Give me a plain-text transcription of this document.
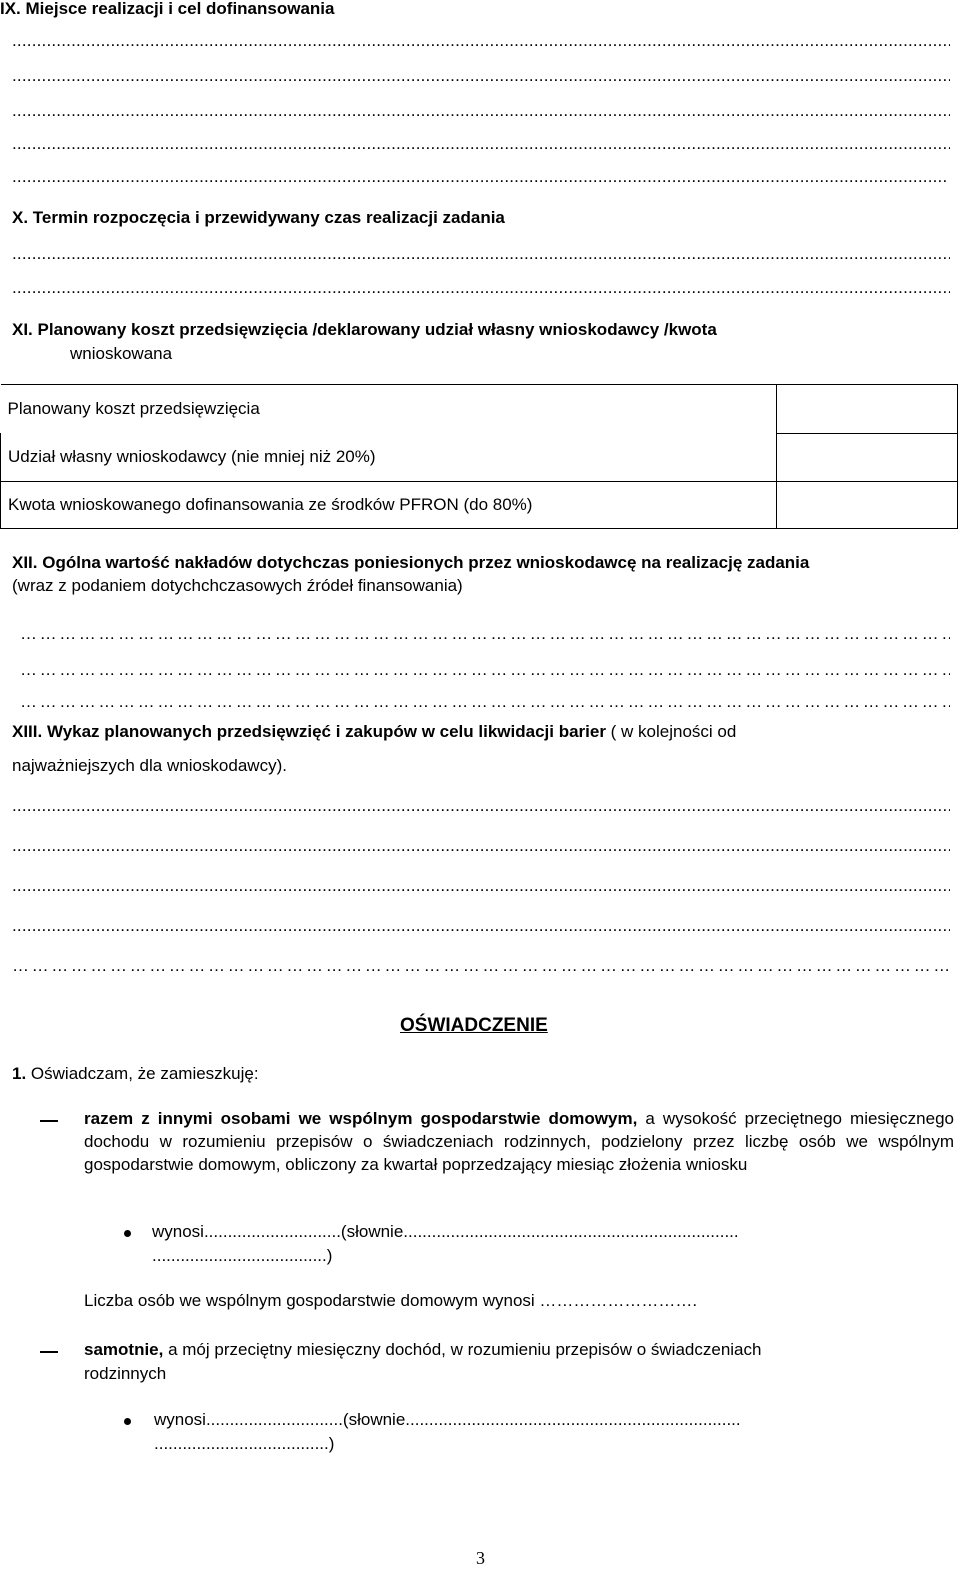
IX. Miejsce realizacji i cel dofinansowania
.....
.....
.....
.....
.....
X. Termin rozpoczęcia i przewidywany czas realizacji zadania
.....
.....
XI. Planowany koszt przedsięwzięcia /deklarowany udział własny wnioskodawcy /kwota
wnioskowana
Planowany koszt przedsięwzięcia	
Udział własny wnioskodawcy (nie mniej niż 20%)	
Kwota wnioskowanego dofinansowania ze środków PFRON (do 80%)	
XII. Ogólna wartość nakładów dotychczas poniesionych przez wnioskodawcę na realizację zadania
(wraz z podaniem dotychchczasowych źródeł finansowania)
………………………………………………………………………………………………………………………………
………………………………………………………………………………………………………………………………
………………………………………………………………………………………………………………………………
XIII. Wykaz planowanych przedsięwzięć i zakupów w celu likwidacji barier ( w kolejności od
najważniejszych dla wnioskodawcy).
.....
.....
.....
.....
………………………………………………………………………………………………………………………………
OŚWIADCZENIE
1. Oświadczam, że zamieszkuję:
razem z innymi osobami we wspólnym gospodarstwie domowym, a wysokość przeciętnego miesięcznego dochodu w rozumieniu przepisów o świadczeniach rodzinnych, podzielony przez liczbę osób we wspólnym gospodarstwie domowym, obliczony za kwartał poprzedzający miesiąc złożenia wniosku
wynosi.............................(słownie.......................................................................
.....................................)
Liczba osób we wspólnym gospodarstwie domowym wynosi ……………………….
samotnie, a mój przeciętny miesięczny dochód, w rozumieniu przepisów o świadczeniach
rodzinnych
wynosi.............................(słownie.......................................................................
.....................................)
3
